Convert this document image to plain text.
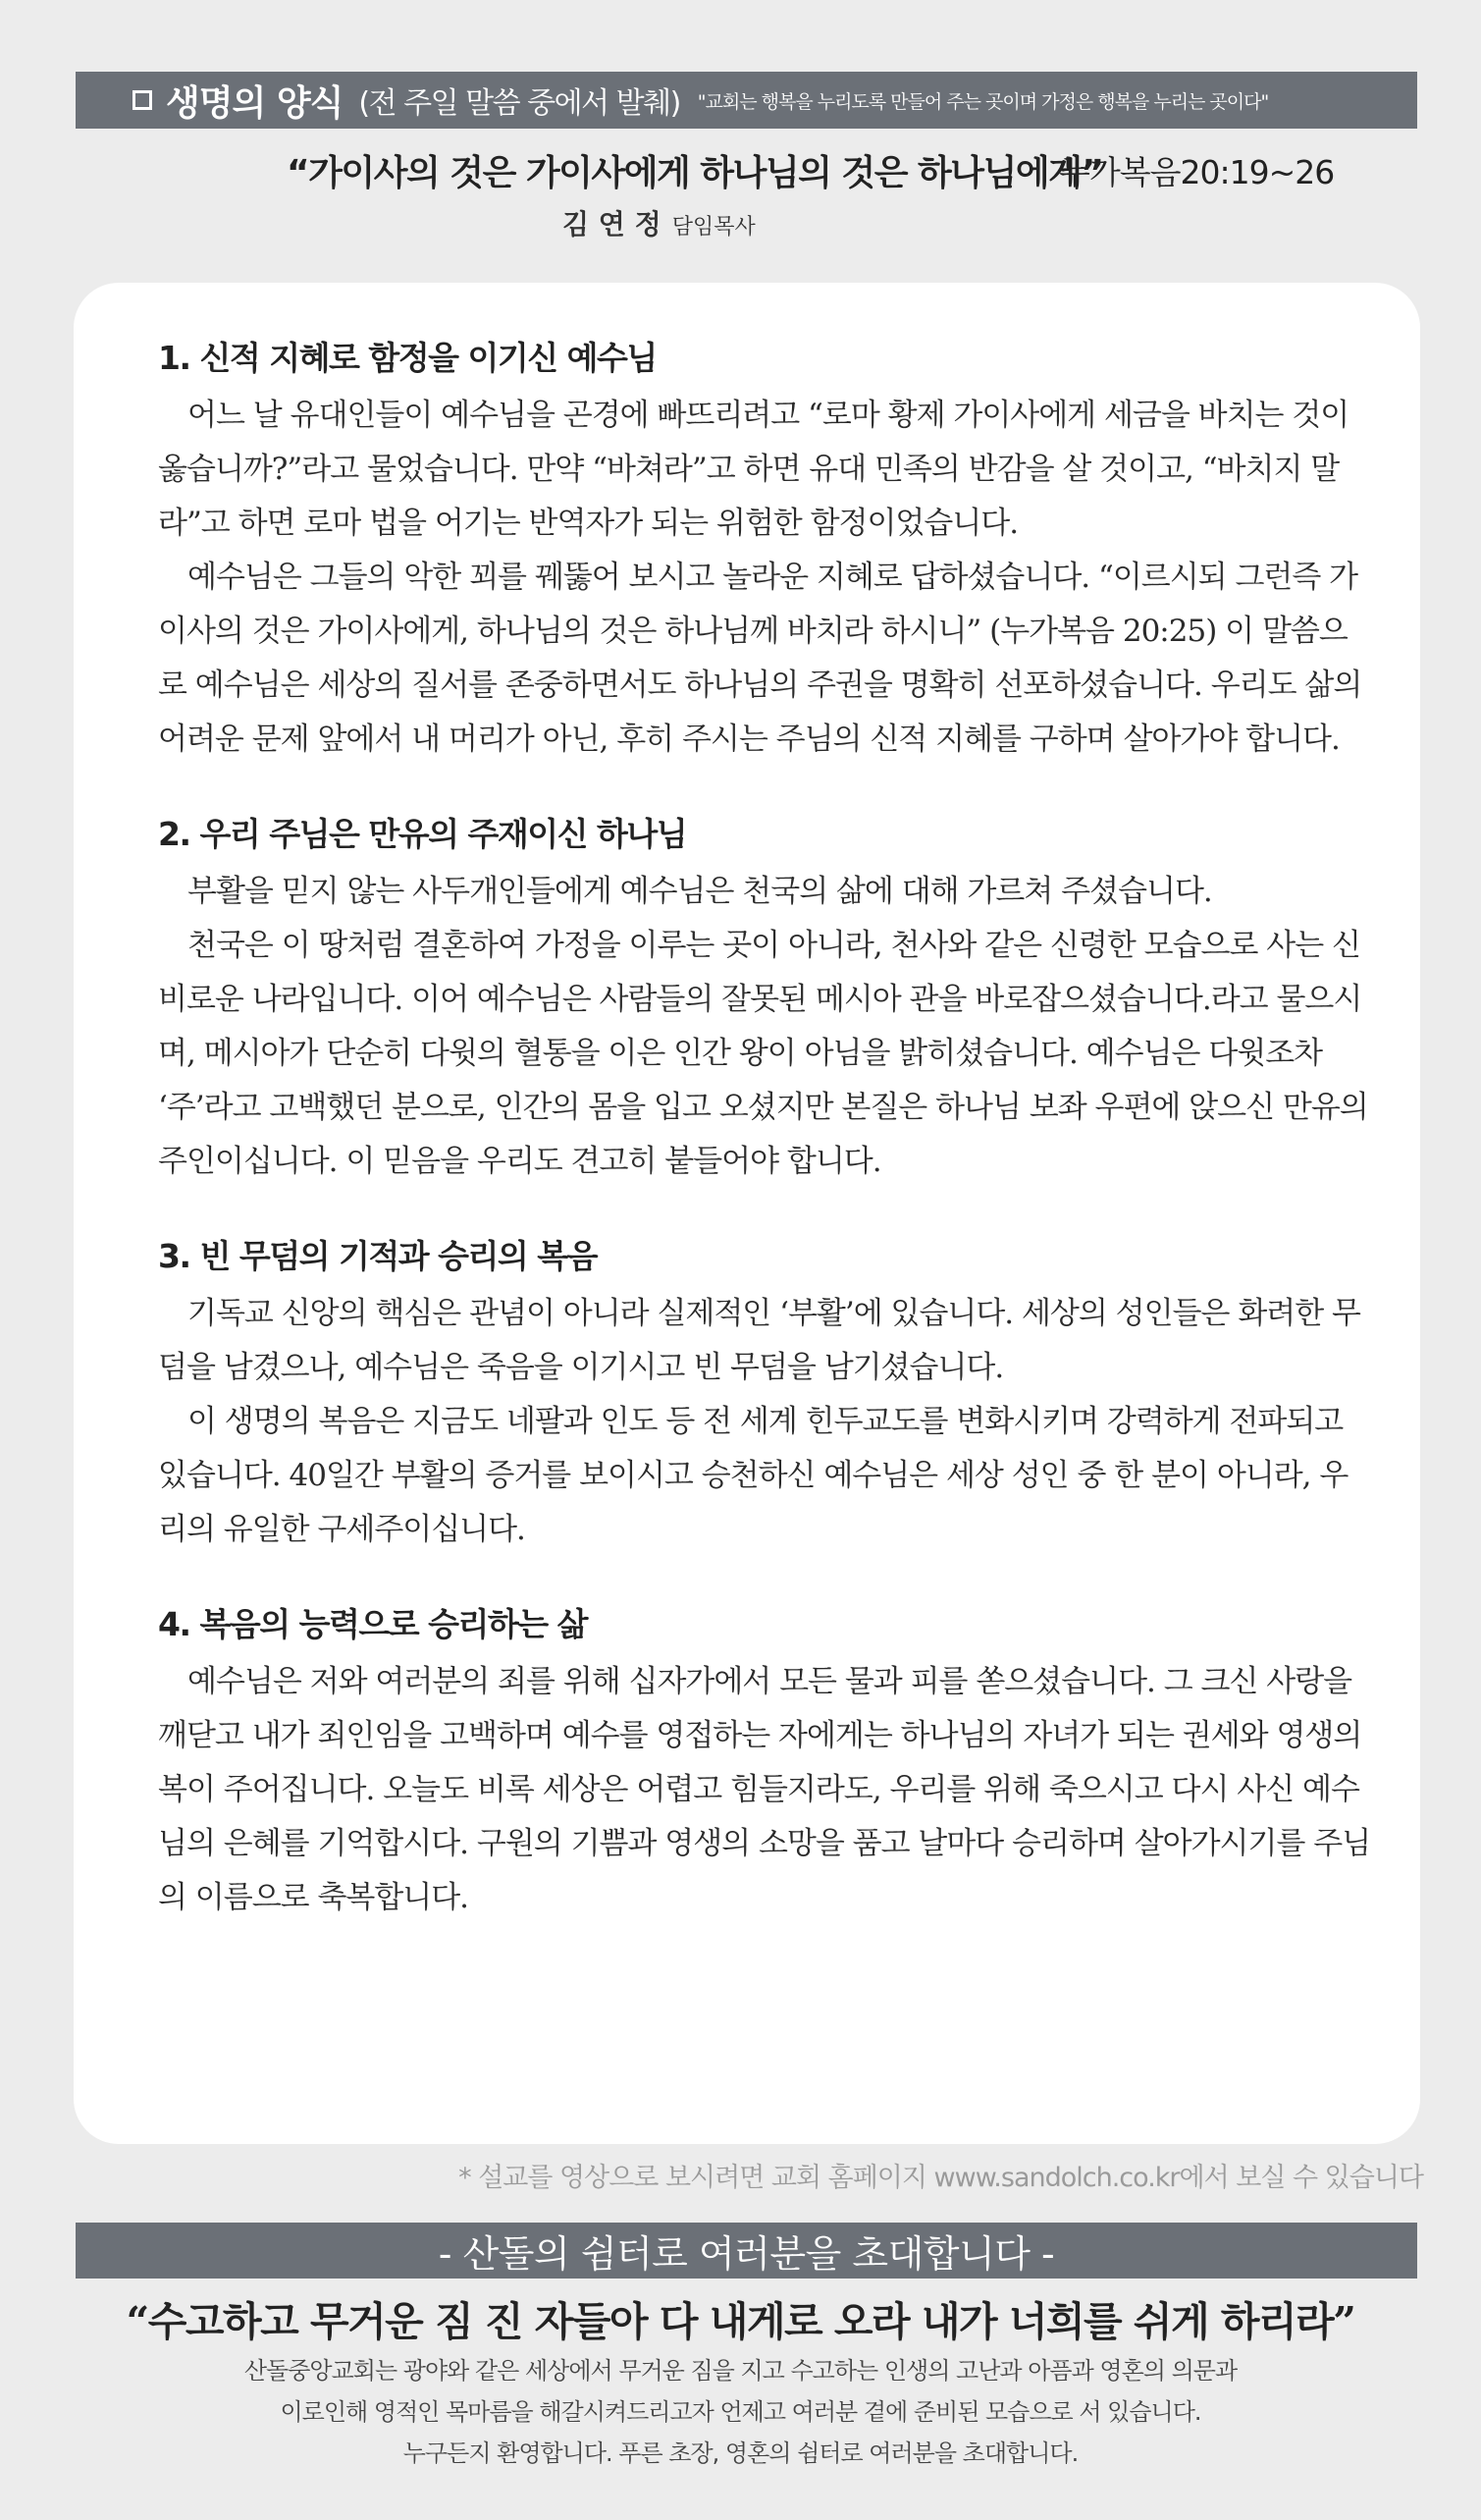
생명의 양식 (전 주일 말씀 중에서 발췌) "교회는 행복을 누리도록 만들어 주는 곳이며 가정은 행복을 누리는 곳이다"
“가이사의 것은 가이사에게 하나님의 것은 하나님에게”
누가복음20:19~26
김 연 정 담임목사
1. 신적 지혜로 함정을 이기신 예수님

어느 날 유대인들이 예수님을 곤경에 빠뜨리려고 “로마 황제 가이사에게 세금을 바치는 것이 옳습니까?”라고 물었습니다. 만약 “바쳐라”고 하면 유대 민족의 반감을 살 것이고, “바치지 말라”고 하면 로마 법을 어기는 반역자가 되는 위험한 함정이었습니다.

예수님은 그들의 악한 꾀를 꿰뚫어 보시고 놀라운 지혜로 답하셨습니다. “이르시되 그런즉 가이사의 것은 가이사에게, 하나님의 것은 하나님께 바치라 하시니” (누가복음 20:25) 이 말씀으로 예수님은 세상의 질서를 존중하면서도 하나님의 주권을 명확히 선포하셨습니다. 우리도 삶의 어려운 문제 앞에서 내 머리가 아닌, 후히 주시는 주님의 신적 지혜를 구하며 살아가야 합니다.

2. 우리 주님은 만유의 주재이신 하나님

부활을 믿지 않는 사두개인들에게 예수님은 천국의 삶에 대해 가르쳐 주셨습니다.

천국은 이 땅처럼 결혼하여 가정을 이루는 곳이 아니라, 천사와 같은 신령한 모습으로 사는 신비로운 나라입니다. 이어 예수님은 사람들의 잘못된 메시아 관을 바로잡으셨습니다.라고 물으시며, 메시아가 단순히 다윗의 혈통을 이은 인간 왕이 아님을 밝히셨습니다. 예수님은 다윗조차 ‘주’라고 고백했던 분으로, 인간의 몸을 입고 오셨지만 본질은 하나님 보좌 우편에 앉으신 만유의 주인이십니다. 이 믿음을 우리도 견고히 붙들어야 합니다.

3. 빈 무덤의 기적과 승리의 복음

기독교 신앙의 핵심은 관념이 아니라 실제적인 ‘부활’에 있습니다. 세상의 성인들은 화려한 무덤을 남겼으나, 예수님은 죽음을 이기시고 빈 무덤을 남기셨습니다.

이 생명의 복음은 지금도 네팔과 인도 등 전 세계 힌두교도를 변화시키며 강력하게 전파되고 있습니다. 40일간 부활의 증거를 보이시고 승천하신 예수님은 세상 성인 중 한 분이 아니라, 우리의 유일한 구세주이십니다.

4. 복음의 능력으로 승리하는 삶

예수님은 저와 여러분의 죄를 위해 십자가에서 모든 물과 피를 쏟으셨습니다. 그 크신 사랑을 깨닫고 내가 죄인임을 고백하며 예수를 영접하는 자에게는 하나님의 자녀가 되는 권세와 영생의 복이 주어집니다. 오늘도 비록 세상은 어렵고 힘들지라도, 우리를 위해 죽으시고 다시 사신 예수님의 은혜를 기억합시다. 구원의 기쁨과 영생의 소망을 품고 날마다 승리하며 살아가시기를 주님의 이름으로 축복합니다.

* 설교를 영상으로 보시려면 교회 홈페이지 www.sandolch.co.kr에서 보실 수 있습니다
- 산돌의 쉼터로 여러분을 초대합니다 -
“수고하고 무거운 짐 진 자들아 다 내게로 오라 내가 너희를 쉬게 하리라”
산돌중앙교회는 광야와 같은 세상에서 무거운 짐을 지고 수고하는 인생의 고난과 아픔과 영혼의 의문과
이로인해 영적인 목마름을 해갈시켜드리고자 언제고 여러분 곁에 준비된 모습으로 서 있습니다.
누구든지 환영합니다. 푸른 초장, 영혼의 쉼터로 여러분을 초대합니다.
